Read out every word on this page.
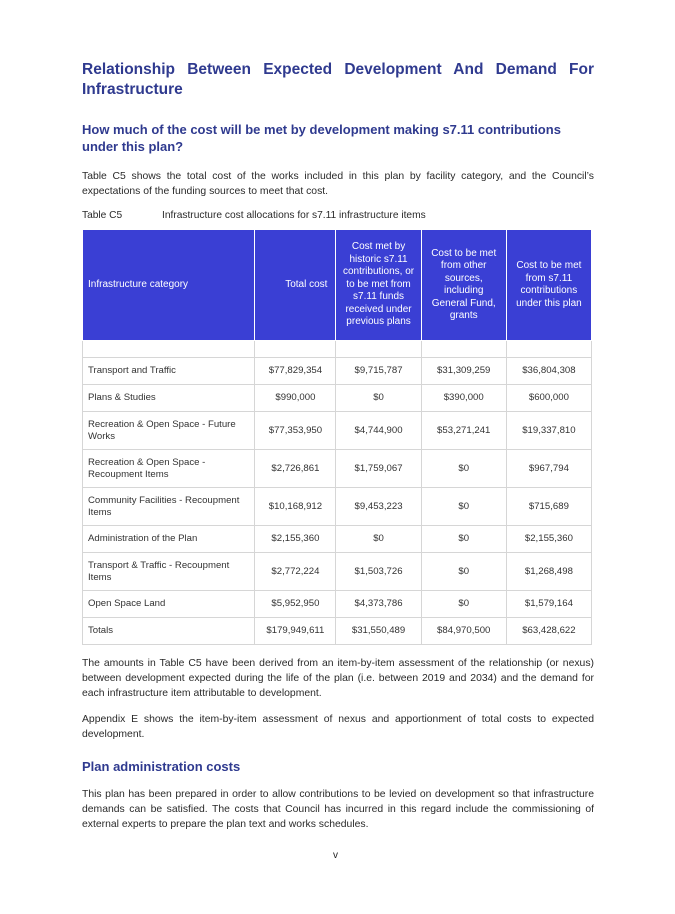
Relationship Between Expected Development And Demand For
Infrastructure
How much of the cost will be met by development making s7.11 contributions under this plan?

Table C5 shows the total cost of the works included in this plan by facility category, and the Council’s expectations of the funding sources to meet that cost.

Table C5	Infrastructure cost allocations for s7.11 infrastructure items
Infrastructure category	Total cost	Cost met by historic s7.11 contributions, or to be met from s7.11 funds received under previous plans	Cost to be met from other sources, including General Fund, grants	Cost to be met from s7.11 contributions under this plan

Transport and Traffic	$77,829,354	$9,715,787	$31,309,259	$36,804,308
Plans & Studies	$990,000	$0	$390,000	$600,000
Recreation & Open Space - Future Works	$77,353,950	$4,744,900	$53,271,241	$19,337,810
Recreation & Open Space - Recoupment Items	$2,726,861	$1,759,067	$0	$967,794
Community Facilities - Recoupment Items	$10,168,912	$9,453,223	$0	$715,689
Administration of the Plan	$2,155,360	$0	$0	$2,155,360
Transport & Traffic - Recoupment Items	$2,772,224	$1,503,726	$0	$1,268,498
Open Space Land	$5,952,950	$4,373,786	$0	$1,579,164
Totals	$179,949,611	$31,550,489	$84,970,500	$63,428,622

The amounts in Table C5 have been derived from an item-by-item assessment of the relationship (or nexus) between development expected during the life of the plan (i.e. between 2019 and 2034) and the demand for each infrastructure item attributable to development.

Appendix E shows the item-by-item assessment of nexus and apportionment of total costs to expected development.

Plan administration costs

This plan has been prepared in order to allow contributions to be levied on development so that infrastructure demands can be satisfied. The costs that Council has incurred in this regard include the commissioning of external experts to prepare the plan text and works schedules.

v
